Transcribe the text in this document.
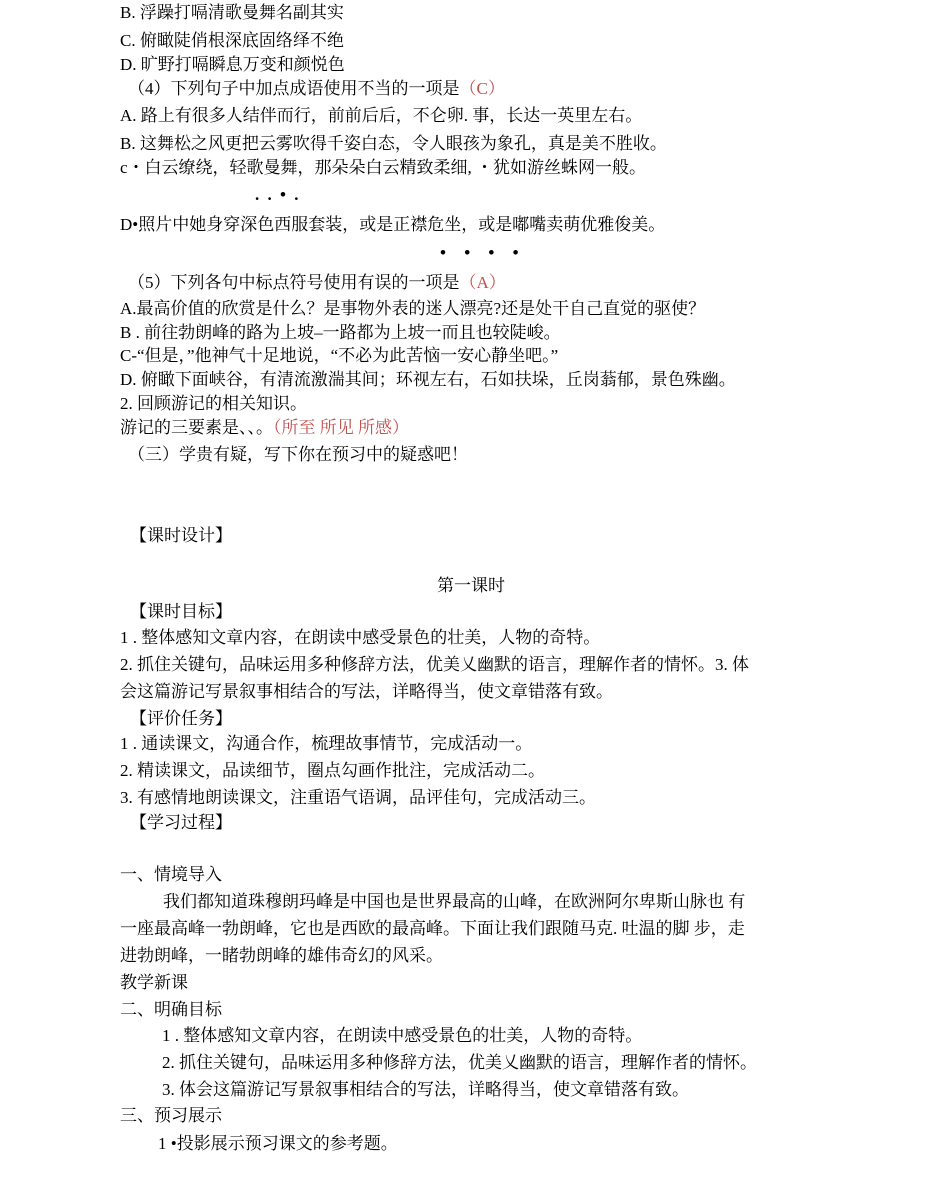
B. 浮躁打嗝清歌曼舞名副其实
C. 俯瞰陡俏根深底固络绎不绝
D. 旷野打嗝瞬息万变和颜悦色
（4）下列句子中加点成语使用不当的一项是（C）
A. 路上有很多人结伴而行，前前后后，不仑卵. 事，长达一英里左右。
B. 这舞松之风更把云雾吹得千姿白态，令人眼孩为象孔，真是美不胜收。
c・白云缭绕，轻歌曼舞，那朵朵白云精致柔细, ・犹如游丝蛛网一般。
. . • .
D•照片中她身穿深色西服套装，或是正襟危坐，或是嘟嘴卖萌优雅俊美。
• • • •
（5）下列各句中标点符号使用有误的一项是（A）
A.最高价值的欣赏是什么？是事物外表的迷人漂亮?还是处干自己直觉的驱使？
B . 前往勃朗峰的路为上坡–一路都为上坡一而且也较陡峻。
C-“但是，”他神气十足地说，“不必为此苦恼一安心静坐吧。”
D. 俯瞰下面峡谷，有清流激湍其间；环视左右，石如扶垛，丘岗蓊郁，景色殊幽。
2. 回顾游记的相关知识。
游记的三要素是、、。（所至 所见 所感）
（三）学贵有疑，写下你在预习中的疑惑吧！
【课时设计】
第一课时
【课时目标】
1 . 整体感知文章内容，在朗读中感受景色的壮美，人物的奇特。
2. 抓住关键句，品味运用多种修辞方法，优美乂幽默的语言，理解作者的情怀。3. 体
会这篇游记写景叙事相结合的写法，详略得当，使文章错落有致。
【评价任务】
1 . 通读课文，沟通合作，梳理故事情节，完成活动一。
2. 精读课文，品读细节，圈点勾画作批注，完成活动二。
3. 有感情地朗读课文，注重语气语调，品评佳句，完成活动三。
【学习过程】
一、情境导入
我们都知道珠穆朗玛峰是中国也是世界最高的山峰，在欧洲阿尔卑斯山脉也 有
一座最高峰一勃朗峰，它也是西欧的最高峰。下面让我们跟随马克. 吐温的脚 步，走
进勃朗峰，一睹勃朗峰的雄伟奇幻的风采。
教学新课
二、明确目标
1 . 整体感知文章内容，在朗读中感受景色的壮美，人物的奇特。
2. 抓住关键句，品味运用多种修辞方法，优美乂幽默的语言，理解作者的情怀。
3. 体会这篇游记写景叙事相结合的写法，详略得当，使文章错落有致。
三、预习展示
1 •投影展示预习课文的参考题。
